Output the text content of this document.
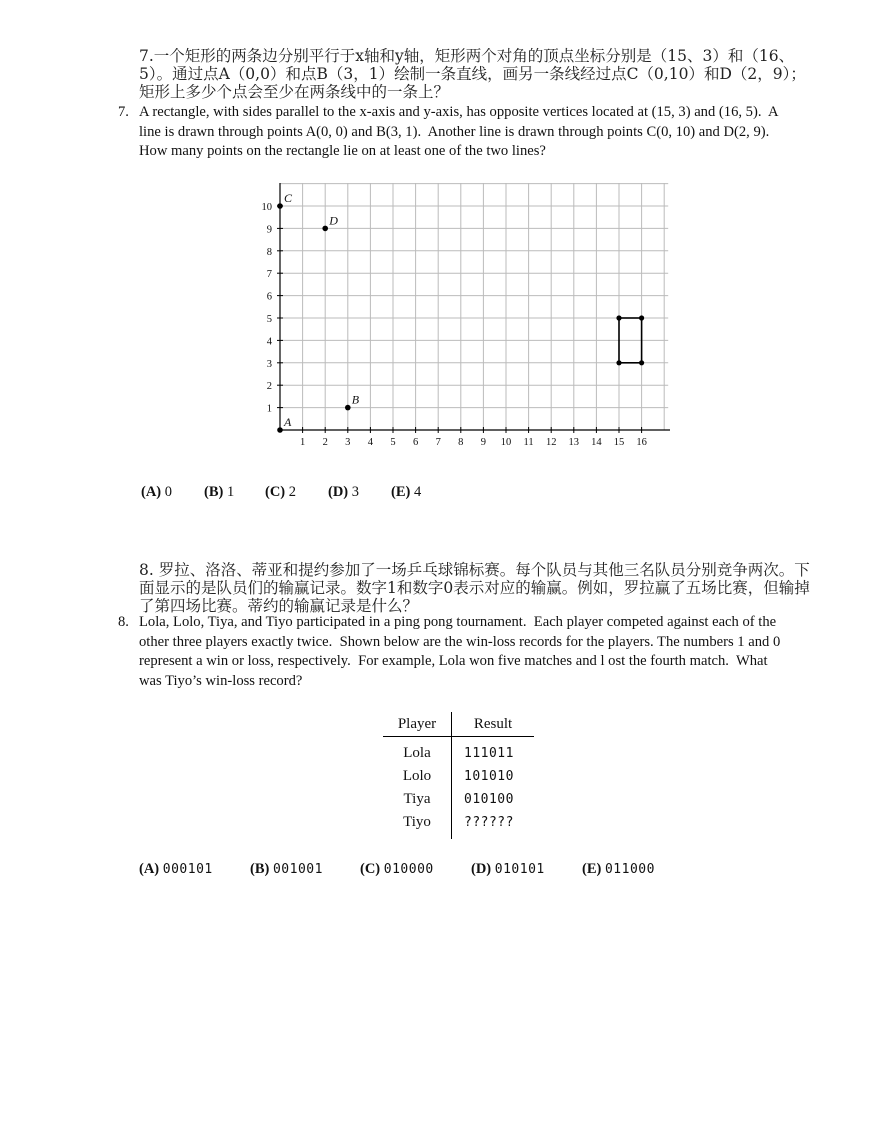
7.一个矩形的两条边分别平行于x轴和y轴，矩形两个对角的顶点坐标分别是（15、3）和（16、5）。通过点A（0,0）和点B（3，1）绘制一条直线，画另一条线经过点C（0,10）和D（2，9）；矩形上多少个点会至少在两条线中的一条上？
7. A rectangle, with sides parallel to the x-axis and y-axis, has opposite vertices located at (15, 3) and (16, 5).  A line is drawn through points A(0, 0) and B(3, 1).  Another line is drawn through points C(0, 10) and D(2, 9). How many points on the rectangle lie on at least one of the two lines?
1 2 3 4 5 6 7 8 9 10 11 12 13 14 15 16
1
2
3
4
5
6
7
8
9
10
A
B
C
D
(A) 0 (B) 1 (C) 2 (D) 3 (E) 4
8. 罗拉、洛洛、蒂亚和提约参加了一场乒乓球锦标赛。每个队员与其他三名队员分别竞争两次。下面显示的是队员们的输赢记录。数字1和数字0表示对应的输赢。例如，罗拉赢了五场比赛，但输掉了第四场比赛。蒂约的输赢记录是什么？
8. Lola, Lolo, Tiya, and Tiyo participated in a ping pong tournament.  Each player competed against each of the other three players exactly twice.  Shown below are the win-loss records for the players. The numbers 1 and 0 represent a win or loss, respectively.  For example, Lola won five matches and l ost the fourth match.  What was Tiyo’s win-loss record?
Player	Result
Lola	111011
Lolo	101010
Tiya	010100
Tiyo	??????
(A) 000101	(B) 001001	(C) 010000	(D) 010101	(E) 011000
